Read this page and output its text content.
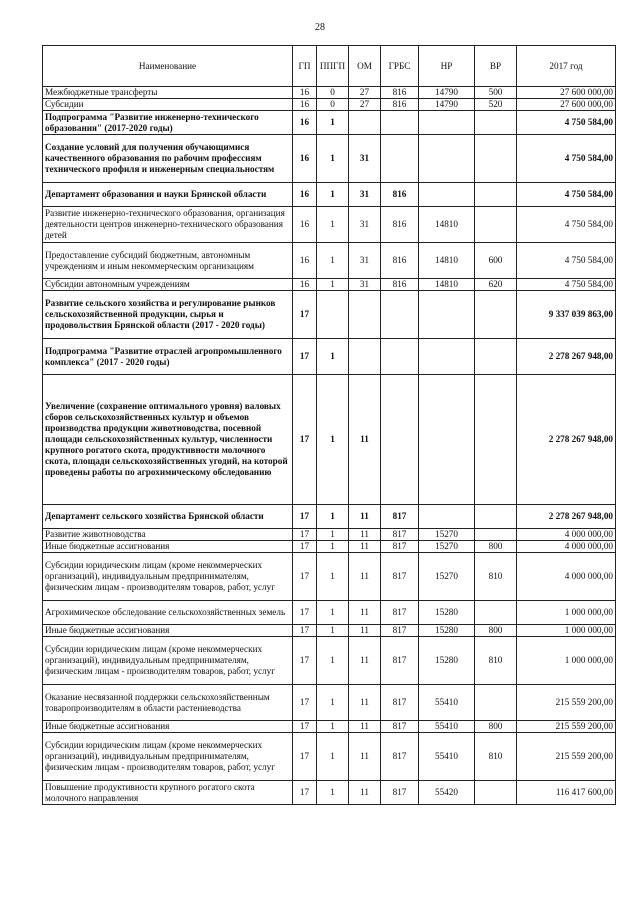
28
Наименование	ГП	ППГП	ОМ	ГРБС	НР	ВР	2017 год
Межбюджетные трансферты	16	0	27	816	14790	500	27 600 000,00
Субсидии	16	0	27	816	14790	520	27 600 000,00
Подпрограмма "Развитие инженерно-технического образования" (2017-2020 годы)	16	1					4 750 584,00
Создание условий для получения обучающимися качественного образования по рабочим профессиям технического профиля и инженерным специальностям	16	1	31				4 750 584,00
Департамент образования и науки Брянской области	16	1	31	816			4 750 584,00
Развитие инженерно-технического образования, организация деятельности центров инженерно-технического образования детей	16	1	31	816	14810		4 750 584,00
Предоставление субсидий бюджетным, автономным учреждениям и иным некоммерческим организациям	16	1	31	816	14810	600	4 750 584,00
Субсидии автономным учреждениям	16	1	31	816	14810	620	4 750 584,00
Развитие сельского хозяйства и регулирование рынков сельскохозяйственной продукции, сырья и продовольствия Брянской области (2017 - 2020 годы)	17						9 337 039 863,00
Подпрограмма "Развитие отраслей агропромышленного комплекса" (2017 - 2020 годы)	17	1					2 278 267 948,00
Увеличение (сохранение оптимального уровня) валовых сборов сельскохозяйственных культур и объемов производства продукции животноводства, посевной площади сельскохозяйственных культур, численности крупного рогатого скота, продуктивности молочного скота, площади сельскохозяйственных угодий, на которой проведены работы по агрохимическому обследованию	17	1	11				2 278 267 948,00
Департамент сельского хозяйства Брянской области	17	1	11	817			2 278 267 948,00
Развитие животноводства	17	1	11	817	15270		4 000 000,00
Иные бюджетные ассигнования	17	1	11	817	15270	800	4 000 000,00
Субсидии юридическим лицам (кроме некоммерческих организаций), индивидуальным предпринимателям, физическим лицам - производителям товаров, работ, услуг	17	1	11	817	15270	810	4 000 000,00
Агрохимическое обследование сельскохозяйственных земель	17	1	11	817	15280		1 000 000,00
Иные бюджетные ассигнования	17	1	11	817	15280	800	1 000 000,00
Субсидии юридическим лицам (кроме некоммерческих организаций), индивидуальным предпринимателям, физическим лицам - производителям товаров, работ, услуг	17	1	11	817	15280	810	1 000 000,00
Оказание несвязанной поддержки сельскохозяйственным товаропроизводителям в области растениеводства	17	1	11	817	55410		215 559 200,00
Иные бюджетные ассигнования	17	1	11	817	55410	800	215 559 200,00
Субсидии юридическим лицам (кроме некоммерческих организаций), индивидуальным предпринимателям, физическим лицам - производителям товаров, работ, услуг	17	1	11	817	55410	810	215 559 200,00
Повышение продуктивности крупного рогатого скота молочного направления	17	1	11	817	55420		116 417 600,00
